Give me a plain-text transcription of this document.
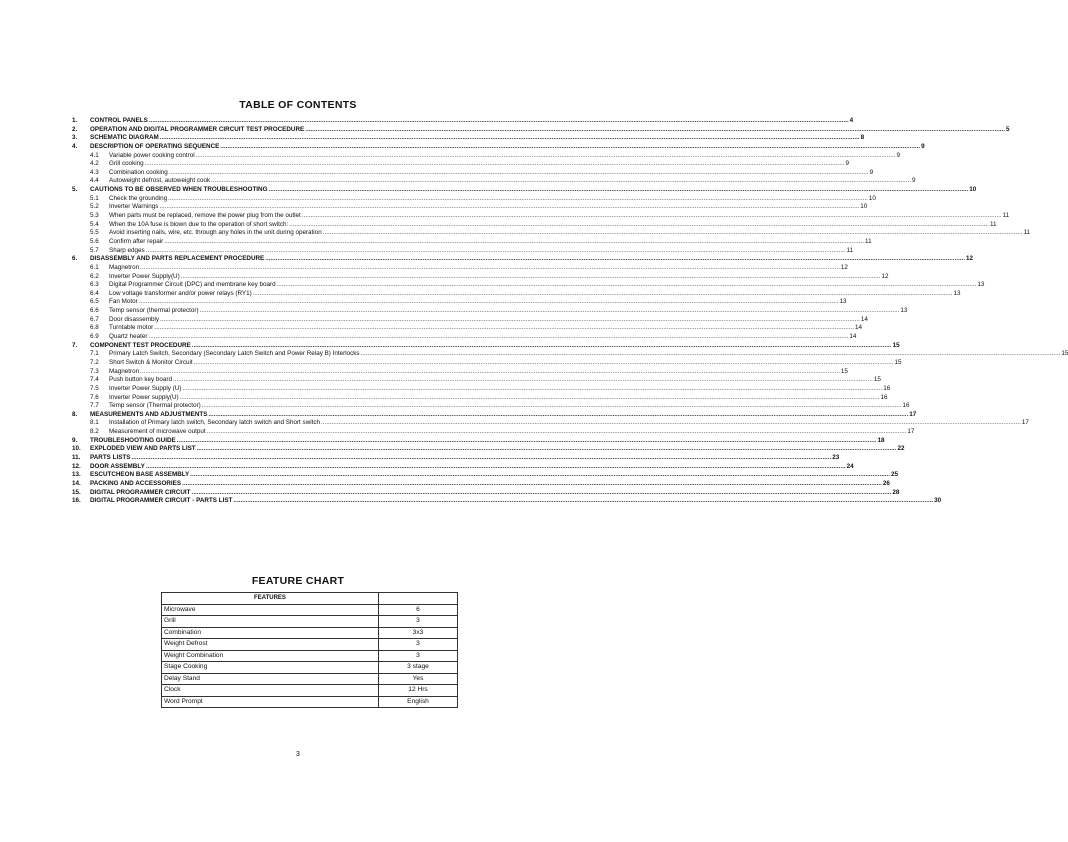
TABLE OF CONTENTS
1. CONTROL PANELS ................................................................................................................................................................................................................................................................................................................................................................................................................ 4
2. OPERATION AND DIGITAL PROGRAMMER CIRCUIT TEST PROCEDURE ................................................................................................................................................................................................................................................................................................................................................................................................................ 5
3. SCHEMATIC DIAGRAM ................................................................................................................................................................................................................................................................................................................................................................................................................ 8
4. DESCRIPTION OF OPERATING SEQUENCE ................................................................................................................................................................................................................................................................................................................................................................................................................ 9
4.1 Variable power cooking control ................................................................................................................................................................................................................................................................................................................................................................................................................ 9
4.2 Grill cooking ................................................................................................................................................................................................................................................................................................................................................................................................................ 9
4.3 Combination cooking ................................................................................................................................................................................................................................................................................................................................................................................................................ 9
4.4 Autoweight defrost, autoweight cook ................................................................................................................................................................................................................................................................................................................................................................................................................ 9
5. CAUTIONS TO BE OBSERVED WHEN TROUBLESHOOTING ................................................................................................................................................................................................................................................................................................................................................................................................................ 10
5.1 Check the grounding ................................................................................................................................................................................................................................................................................................................................................................................................................ 10
5.2 Inverter Warnings ................................................................................................................................................................................................................................................................................................................................................................................................................ 10
5.3 When parts must be replaced, remove the power plug from the outlet ................................................................................................................................................................................................................................................................................................................................................................................................................ 11
5.4 When the 10A fuse is blown due to the operation of short switch: ................................................................................................................................................................................................................................................................................................................................................................................................................ 11
5.5 Avoid inserting nails, wire, etc. through any holes in the unit during operation ................................................................................................................................................................................................................................................................................................................................................................................................................ 11
5.6 Confirm after repair ................................................................................................................................................................................................................................................................................................................................................................................................................ 11
5.7 Sharp edges ................................................................................................................................................................................................................................................................................................................................................................................................................ 11
6. DISASSEMBLY AND PARTS REPLACEMENT PROCEDURE ................................................................................................................................................................................................................................................................................................................................................................................................................ 12
6.1 Magnetron ................................................................................................................................................................................................................................................................................................................................................................................................................ 12
6.2 Inverter Power Supply(U) ................................................................................................................................................................................................................................................................................................................................................................................................................ 12
6.3 Digital Programmer Circuit (DPC) and membrane key board ................................................................................................................................................................................................................................................................................................................................................................................................................ 13
6.4 Low voltage transformer and/or power relays (RY1) ................................................................................................................................................................................................................................................................................................................................................................................................................ 13
6.5 Fan Motor ................................................................................................................................................................................................................................................................................................................................................................................................................ 13
6.6 Temp sensor (thermal protector) ................................................................................................................................................................................................................................................................................................................................................................................................................ 13
6.7 Door disassembly ................................................................................................................................................................................................................................................................................................................................................................................................................ 14
6.8 Turntable motor ................................................................................................................................................................................................................................................................................................................................................................................................................ 14
6.9 Quartz heater ................................................................................................................................................................................................................................................................................................................................................................................................................ 14
7. COMPONENT TEST PROCEDURE ................................................................................................................................................................................................................................................................................................................................................................................................................ 15
7.1 Primary Latch Switch, Secondary (Secondary Latch Switch and Power Relay B) Interlocks ................................................................................................................................................................................................................................................................................................................................................................................................................ 15
7.2 Short Switch & Monitor Circuit ................................................................................................................................................................................................................................................................................................................................................................................................................ 15
7.3 Magnetron ................................................................................................................................................................................................................................................................................................................................................................................................................ 15
7.4 Push button key board ................................................................................................................................................................................................................................................................................................................................................................................................................ 15
7.5 Inverter Power Supply (U) ................................................................................................................................................................................................................................................................................................................................................................................................................ 16
7.6 Inverter Power supply(U) ................................................................................................................................................................................................................................................................................................................................................................................................................ 16
7.7 Temp sensor (Thermal protector) ................................................................................................................................................................................................................................................................................................................................................................................................................ 16
8. MEASUREMENTS AND ADJUSTMENTS ................................................................................................................................................................................................................................................................................................................................................................................................................ 17
8.1 Installation of Primary latch switch, Secondary latch switch and Short switch ................................................................................................................................................................................................................................................................................................................................................................................................................ 17
8.2 Measurement of microwave output ................................................................................................................................................................................................................................................................................................................................................................................................................ 17
9. TROUBLESHOOTING GUIDE ................................................................................................................................................................................................................................................................................................................................................................................................................ 18
10. EXPLODED VIEW AND PARTS LIST ................................................................................................................................................................................................................................................................................................................................................................................................................ 22
11. PARTS LISTS ................................................................................................................................................................................................................................................................................................................................................................................................................ 23
12. DOOR ASSEMBLY ................................................................................................................................................................................................................................................................................................................................................................................................................ 24
13. ESCUTCHEON BASE ASSEMBLY ................................................................................................................................................................................................................................................................................................................................................................................................................ 25
14. PACKING AND ACCESSORIES ................................................................................................................................................................................................................................................................................................................................................................................................................ 26
15. DIGITAL PROGRAMMER CIRCUIT ................................................................................................................................................................................................................................................................................................................................................................................................................ 28
16. DIGITAL PROGRAMMER CIRCUIT - PARTS LIST ................................................................................................................................................................................................................................................................................................................................................................................................................ 30
FEATURE CHART
FEATURES	
Microwave	6
Grill	3
Combination	3x3
Weight Defrost	3
Weight Combination	3
Stage Cooking	3 stage
Delay Stand	Yes
Clock	12 Hrs
Word Prompt	English
3
